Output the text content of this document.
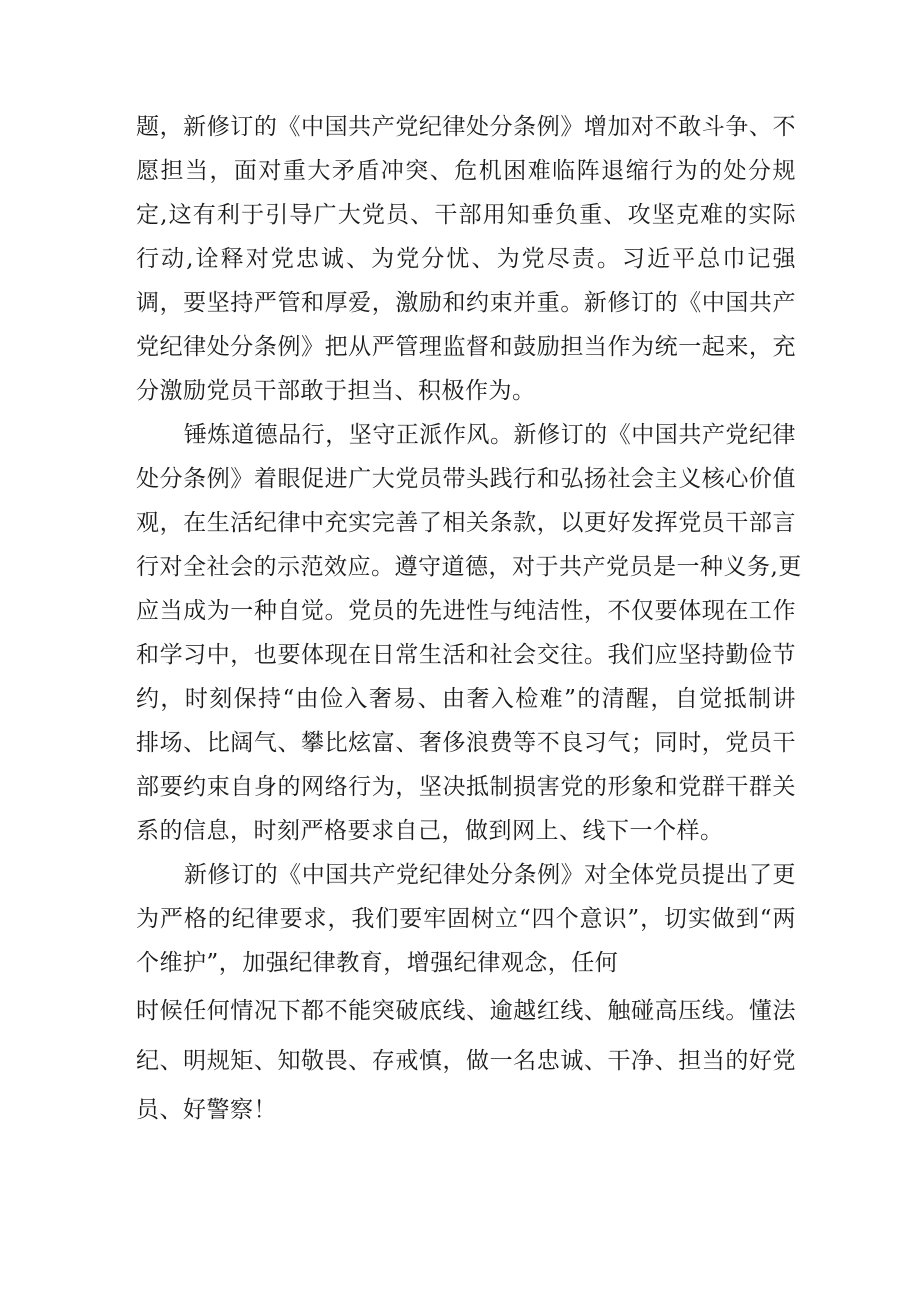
题，新修订的《中国共产党纪律处分条例》增加对不敢斗争、不
愿担当，面对重大矛盾冲突、危机困难临阵退缩行为的处分规
定,这有利于引导广大党员、干部用知垂负重、攻坚克难的实际
行动,诠释对党忠诚、为党分忧、为党尽责。习近平总巾记强
调，要坚持严管和厚爱，激励和约束并重。新修订的《中国共产
党纪律处分条例》把从严管理监督和鼓励担当作为统一起来，充
分激励党员干部敢于担当、积极作为。
锤炼道德品行，坚守正派作风。新修订的《中国共产党纪律
处分条例》着眼促进广大党员带头践行和弘扬社会主义核心价值
观，在生活纪律中充实完善了相关条款，以更好发挥党员干部言
行对全社会的示范效应。遵守道德，对于共产党员是一种义务,更
应当成为一种自觉。党员的先进性与纯洁性，不仅要体现在工作
和学习中，也要体现在日常生活和社会交往。我们应坚持勤俭节
约，时刻保持“由俭入奢易、由奢入检难”的清醒，自觉抵制讲
排场、比阔气、攀比炫富、奢侈浪费等不良习气；同时，党员干
部要约束自身的网络行为，坚决抵制损害党的形象和党群干群关
系的信息，时刻严格要求自己，做到网上、线下一个样。
新修订的《中国共产党纪律处分条例》对全体党员提出了更
为严格的纪律要求，我们要牢固树立“四个意识”，切实做到“两
个维护”，加强纪律教育，增强纪律观念，任何
时候任何情况下都不能突破底线、逾越红线、触碰高压线。懂法
纪、明规矩、知敬畏、存戒慎，做一名忠诚、干净、担当的好党
员、好警察！
